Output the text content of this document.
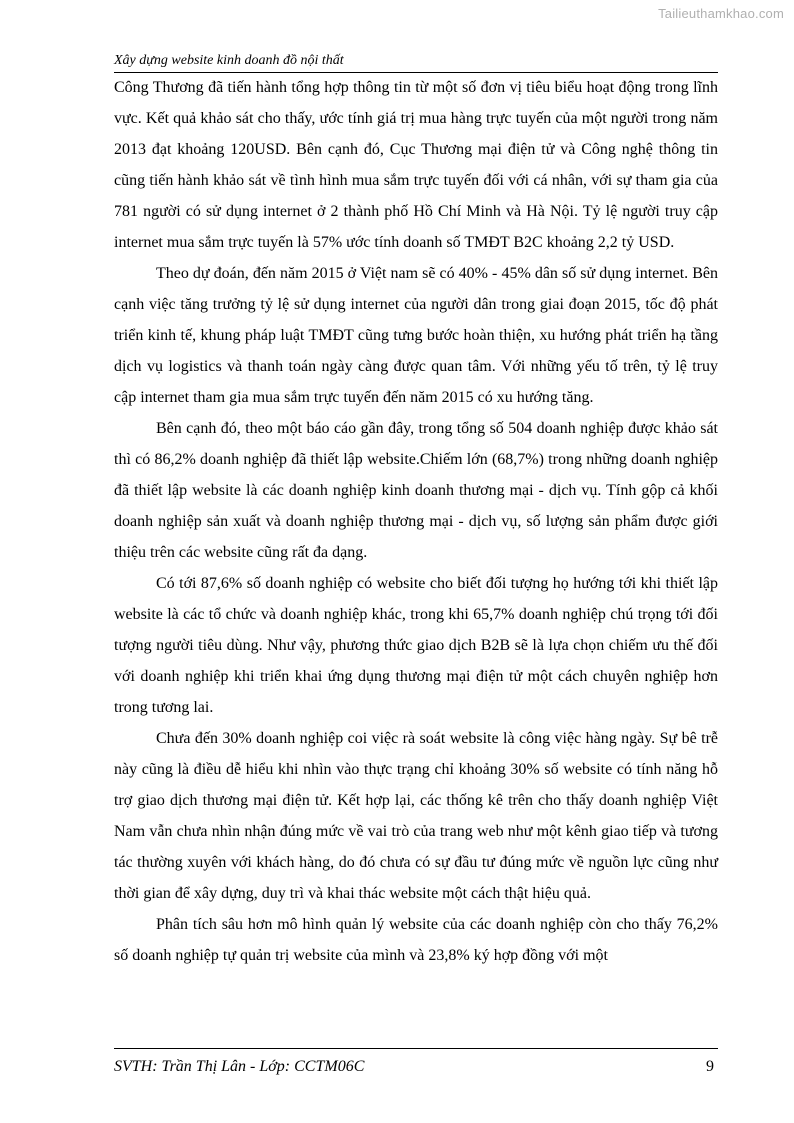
Tailieuthamkhao.com
Xây dựng website kinh doanh đồ nội thất

Công Thương đã tiến hành tổng hợp thông tin từ một số đơn vị tiêu biểu hoạt động trong lĩnh vực. Kết quả khảo sát cho thấy, ước tính giá trị mua hàng trực tuyến của một người trong năm 2013 đạt khoảng 120USD. Bên cạnh đó, Cục Thương mại điện tử và Công nghệ thông tin cũng tiến hành khảo sát về tình hình mua sắm trực tuyến đối với cá nhân, với sự tham gia của 781 người có sử dụng internet ở 2 thành phố Hồ Chí Minh và Hà Nội. Tỷ lệ người truy cập internet mua sắm trực tuyến là 57% ước tính doanh số TMĐT B2C khoảng 2,2 tỷ USD.

Theo dự đoán, đến năm 2015 ở Việt nam sẽ có 40% - 45% dân số sử dụng internet. Bên cạnh việc tăng trưởng tỷ lệ sử dụng internet của người dân trong giai đoạn 2015, tốc độ phát triển kinh tế, khung pháp luật TMĐT cũng tưng bước hoàn thiện, xu hướng phát triển hạ tầng dịch vụ logistics và thanh toán ngày càng được quan tâm. Với những yếu tố trên, tỷ lệ truy cập internet tham gia mua sắm trực tuyến đến năm 2015 có xu hướng tăng.

Bên cạnh đó, theo một báo cáo gần đây, trong tổng số 504 doanh nghiệp được khảo sát thì có 86,2% doanh nghiệp đã thiết lập website.Chiếm lớn (68,7%) trong những doanh nghiệp đã thiết lập website là các doanh nghiệp kinh doanh thương mại - dịch vụ. Tính gộp cả khối doanh nghiệp sản xuất và doanh nghiệp thương mại - dịch vụ, số lượng sản phẩm được giới thiệu trên các website cũng rất đa dạng.

Có tới 87,6% số doanh nghiệp có website cho biết đối tượng họ hướng tới khi thiết lập website là các tổ chức và doanh nghiệp khác, trong khi 65,7% doanh nghiệp chú trọng tới đối tượng người tiêu dùng. Như vậy, phương thức giao dịch B2B sẽ là lựa chọn chiếm ưu thế đối với doanh nghiệp khi triển khai ứng dụng thương mại điện tử một cách chuyên nghiệp hơn trong tương lai.

Chưa đến 30% doanh nghiệp coi việc rà soát website là công việc hàng ngày. Sự bê trễ này cũng là điều dễ hiểu khi nhìn vào thực trạng chỉ khoảng 30% số website có tính năng hỗ trợ giao dịch thương mại điện tử. Kết hợp lại, các thống kê trên cho thấy doanh nghiệp Việt Nam vẫn chưa nhìn nhận đúng mức về vai trò của trang web như một kênh giao tiếp và tương tác thường xuyên với khách hàng, do đó chưa có sự đầu tư đúng mức về nguồn lực cũng như thời gian để xây dựng, duy trì và khai thác website một cách thật hiệu quả.

Phân tích sâu hơn mô hình quản lý website của các doanh nghiệp còn cho thấy 76,2% số doanh nghiệp tự quản trị website của mình và 23,8% ký hợp đồng với một

SVTH: Trần Thị Lân - Lớp: CCTM06C	9
